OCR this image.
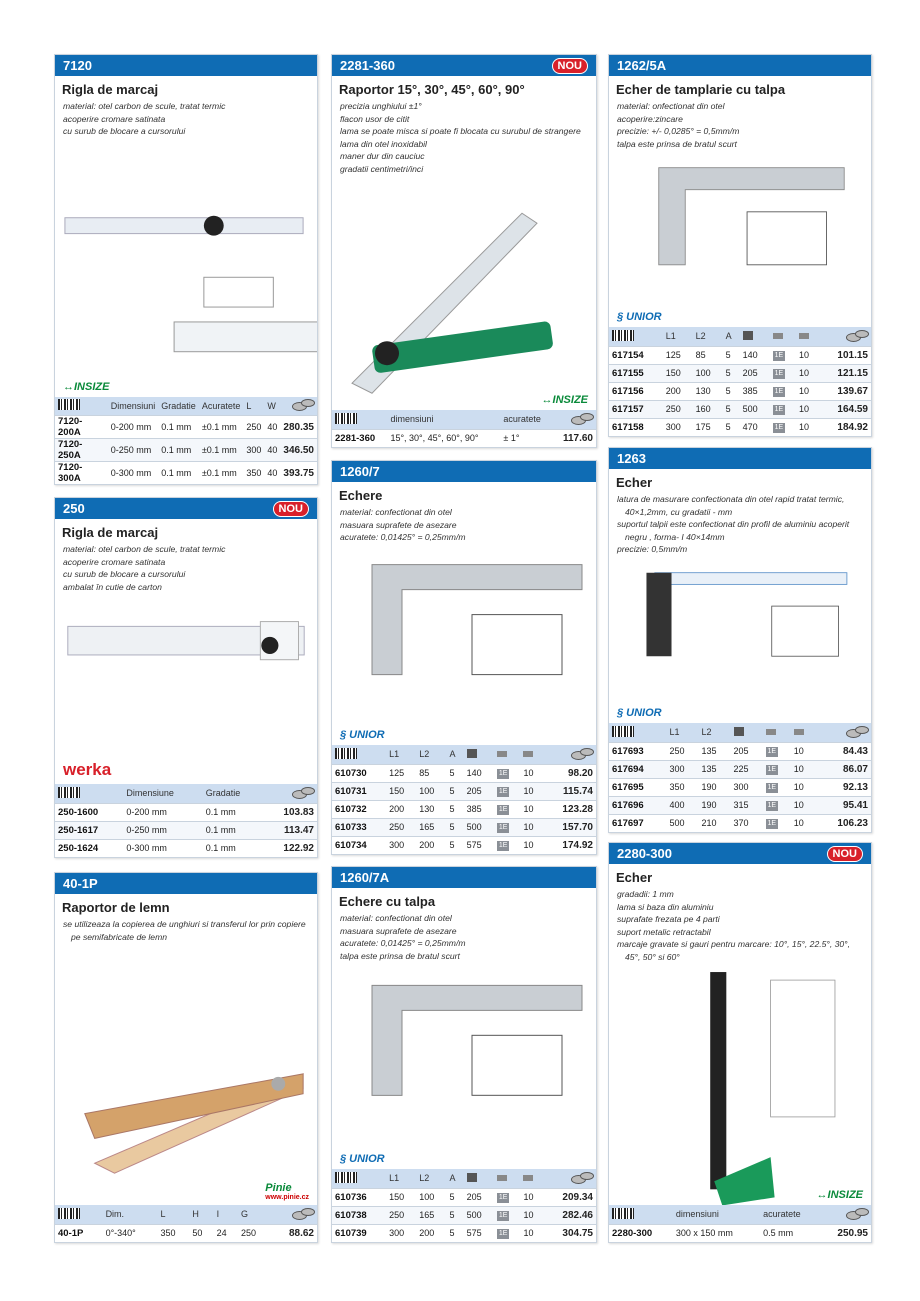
7120
Rigla de marcaj
material: otel carbon de scule, tratat termic
acoperire cromare satinata
cu surub de blocare a cursorului
↔INSIZE
	Dimensiuni	Gradatie	Acuratete	L	W	
7120-200A	0-200 mm	0.1 mm	±0.1 mm	250	40	280.35
7120-250A	0-250 mm	0.1 mm	±0.1 mm	300	40	346.50
7120-300A	0-300 mm	0.1 mm	±0.1 mm	350	40	393.75
250	NOU
Rigla de marcaj
material: otel carbon de scule, tratat termic
acoperire cromare satinata
cu surub de blocare a cursorului
ambalat în cutie de carton
werka
	Dimensiune	Gradatie	
250-1600	0-200 mm	0.1 mm	103.83
250-1617	0-250 mm	0.1 mm	113.47
250-1624	0-300 mm	0.1 mm	122.92
40-1P
Raportor de lemn
se utilizeaza la copierea de unghiuri si transferul lor prin copiere pe semifabricate de lemn
Pinie
www.pinie.cz
	Dim.	L	H	I	G	
40-1P	0°-340°	350	50	24	250	88.62
2281-360	NOU
Raportor 15°, 30°, 45°, 60°, 90°
precizia unghiului ±1°
flacon usor de citit
lama se poate misca si poate fi blocata cu surubul de strangere
lama din otel inoxidabil
maner dur din cauciuc
gradatii centimetri/inci
↔INSIZE
	dimensiuni	acuratete	
2281-360	15°, 30°, 45°, 60°, 90°	± 1°	117.60
1260/7
Echere
material: confectionat din otel
masuara suprafete de asezare
acuratete: 0,01425° = 0,25mm/m
§ UNIOR
	L1	L2	A				
610730	125	85	5	140	1E	10	98.20
610731	150	100	5	205	1E	10	115.74
610732	200	130	5	385	1E	10	123.28
610733	250	165	5	500	1E	10	157.70
610734	300	200	5	575	1E	10	174.92
1260/7A
Echere cu talpa
material: confectionat din otel
masuara suprafete de asezare
acuratete: 0,01425° = 0,25mm/m
talpa este prinsa de bratul scurt
§ UNIOR
	L1	L2	A				
610736	150	100	5	205	1E	10	209.34
610738	250	165	5	500	1E	10	282.46
610739	300	200	5	575	1E	10	304.75
1262/5A
Echer de tamplarie cu talpa
material: onfectionat din otel
acoperire:zincare
precizie: +/- 0,0285° = 0,5mm/m
talpa este prinsa de bratul scurt
§ UNIOR
	L1	L2	A				
617154	125	85	5	140	1E	10	101.15
617155	150	100	5	205	1E	10	121.15
617156	200	130	5	385	1E	10	139.67
617157	250	160	5	500	1E	10	164.59
617158	300	175	5	470	1E	10	184.92
1263
Echer
latura de masurare confectionata din otel rapid tratat termic, 40×1,2mm, cu gradatii - mm
suportul talpii este confectionat din profil de aluminiu acoperit negru , forma- I 40×14mm
precizie: 0,5mm/m
§ UNIOR
	L1	L2				
617693	250	135	205	1E	10	84.43
617694	300	135	225	1E	10	86.07
617695	350	190	300	1E	10	92.13
617696	400	190	315	1E	10	95.41
617697	500	210	370	1E	10	106.23
2280-300	NOU
Echer
gradadii: 1 mm
lama si baza din aluminiu
suprafate frezata pe 4 parti
suport metalic retractabil
marcaje gravate si gauri pentru marcare: 10°, 15°, 22.5°, 30°, 45°, 50° si 60°
↔INSIZE
	dimensiuni	acuratete	
2280-300	300 x 150 mm	0.5 mm	250.95
